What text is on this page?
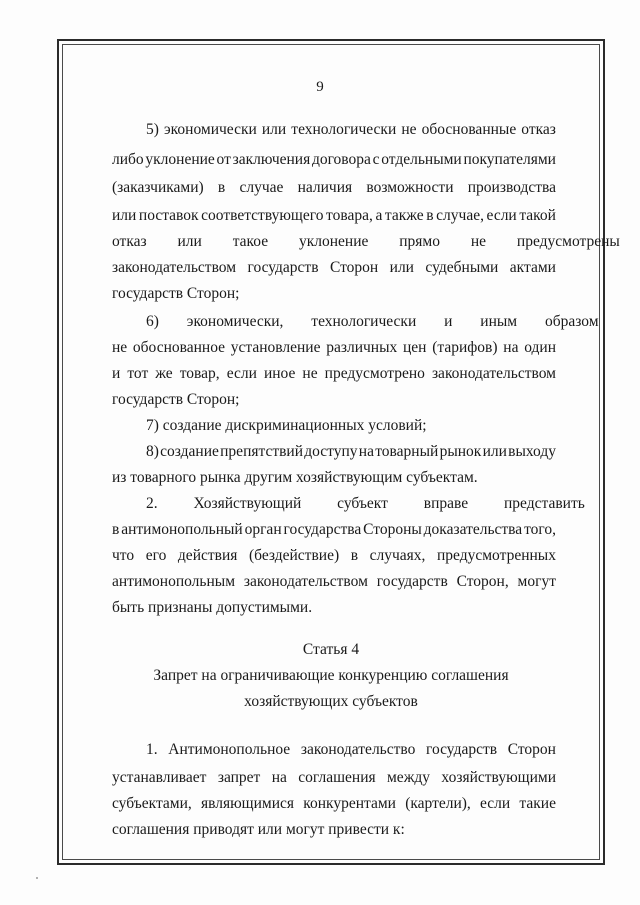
9
5) экономически или технологически не обоснованные отказ
либо уклонение от заключения договора с отдельными покупателями
(заказчиками) в случае наличия возможности производства
или поставок соответствующего товара, а также в случае, если такой
отказ или такое уклонение прямо не предусмотрены
законодательством государств Сторон или судебными актами
государств Сторон;
6) экономически, технологически и иным образом
не обоснованное установление различных цен (тарифов) на один
и тот же товар, если иное не предусмотрено законодательством
государств Сторон;
7) создание дискриминационных условий;
8) создание препятствий доступу на товарный рынок или выходу
из товарного рынка другим хозяйствующим субъектам.
2. Хозяйствующий субъект вправе представить
в антимонопольный орган государства Стороны доказательства того,
что его действия (бездействие) в случаях, предусмотренных
антимонопольным законодательством государств Сторон, могут
быть признаны допустимыми.
Статья 4
Запрет на ограничивающие конкуренцию соглашения
хозяйствующих субъектов
1. Антимонопольное законодательство государств Сторон
устанавливает запрет на соглашения между хозяйствующими
субъектами, являющимися конкурентами (картели), если такие
соглашения приводят или могут привести к:
